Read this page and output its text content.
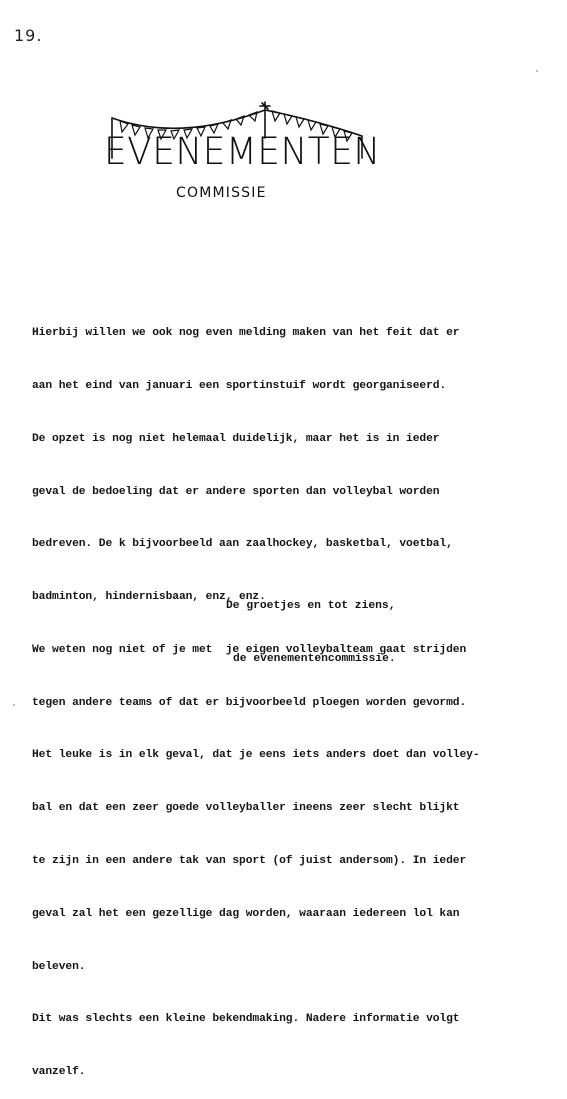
19.
EVENEMENTEN
COMMISSIE

Hierbij willen we ook nog even melding maken van het feit dat er

aan het eind van januari een sportinstuif wordt georganiseerd.

De opzet is nog niet helemaal duidelijk, maar het is in ieder

geval de bedoeling dat er andere sporten dan volleybal worden

bedreven. De k bijvoorbeeld aan zaalhockey, basketbal, voetbal,

badminton, hindernisbaan, enz, enz.

We weten nog niet of je met  je eigen volleybalteam gaat strijden

tegen andere teams of dat er bijvoorbeeld ploegen worden gevormd.

Het leuke is in elk geval, dat je eens iets anders doet dan volley-

bal en dat een zeer goede volleyballer ineens zeer slecht blijkt

te zijn in een andere tak van sport (of juist andersom). In ieder

geval zal het een gezellige dag worden, waaraan iedereen lol kan

beleven.

Dit was slechts een kleine bekendmaking. Nadere informatie volgt

vanzelf.

De groetjes en tot ziens,

de evenementencommissie.
